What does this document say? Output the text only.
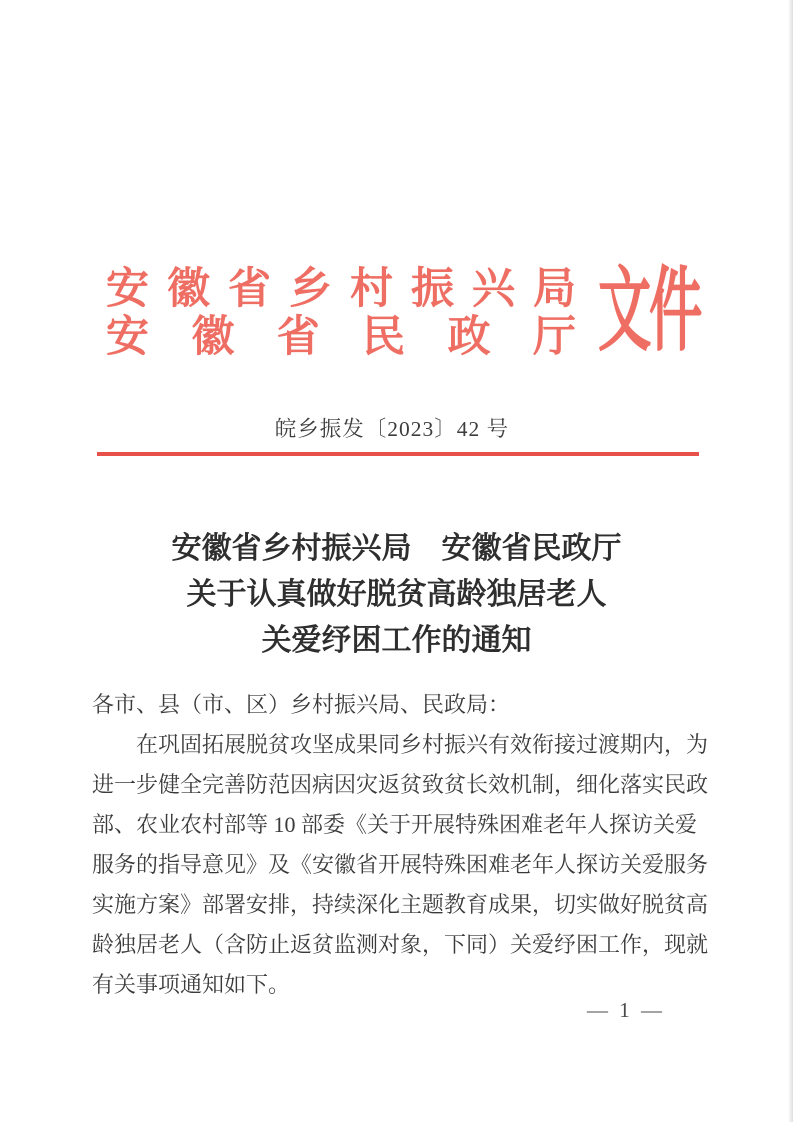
安 徽 省 乡 村 振 兴 局
安 徽 省 民 政 厅 文件
皖乡振发〔2023〕42 号
安徽省乡村振兴局　安徽省民政厅
关于认真做好脱贫高龄独居老人
关爱纾困工作的通知
各市、县（市、区）乡村振兴局、民政局：
在巩固拓展脱贫攻坚成果同乡村振兴有效衔接过渡期内，为
进一步健全完善防范因病因灾返贫致贫长效机制，细化落实民政
部、农业农村部等 10 部委《关于开展特殊困难老年人探访关爱
服务的指导意见》及《安徽省开展特殊困难老年人探访关爱服务
实施方案》部署安排，持续深化主题教育成果，切实做好脱贫高
龄独居老人（含防止返贫监测对象，下同）关爱纾困工作，现就
有关事项通知如下。
— 1 —
